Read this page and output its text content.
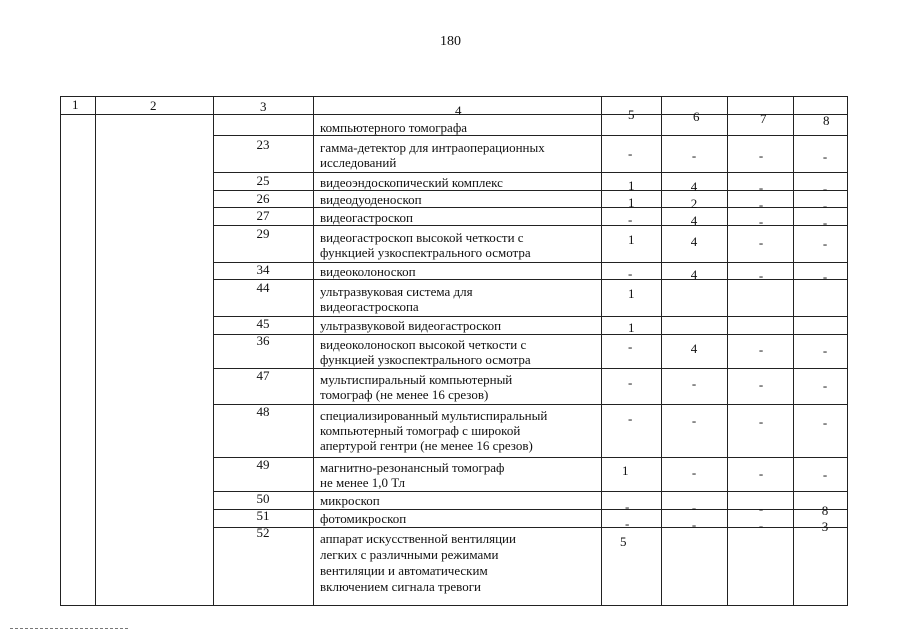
180
1	2	3	4	5	6	7	8
компьютерного томографа
23	гамма-детектор для интраоперационных
исследований
-	-	-	-
25	видеоэндоскопический комплекс	1	4	-	-
26	видеодуоденоскоп	1	2	-	-
27	видеогастроскоп	-	4	-	-
29	видеогастроскоп высокой четкости с
функцией узкоспектрального осмотра
1	4	-	-
34	видеоколоноскоп	-	4	-	-
44	ультразвуковая система для
видеогастроскопа
1
45	ультразвуковой видеогастроскоп	1
36	видеоколоноскоп высокой четкости с
функцией узкоспектрального осмотра
-	4	-	-
47	мультиспиральный компьютерный
томограф (не менее 16 срезов)
-	-	-	-
48	специализированный мультиспиральный
компьютерный томограф с широкой
апертурой гентри (не менее 16 срезов)
-	-	-	-
49	магнитно-резонансный томограф
не менее 1,0 Тл
1	-	-	-
50	микроскоп	-	-	-	8
51	фотомикроскоп	-	-	-	3
52	аппарат искусственной вентиляции
легких с различными режимами
вентиляции и автоматическим
включением сигнала тревоги
5
